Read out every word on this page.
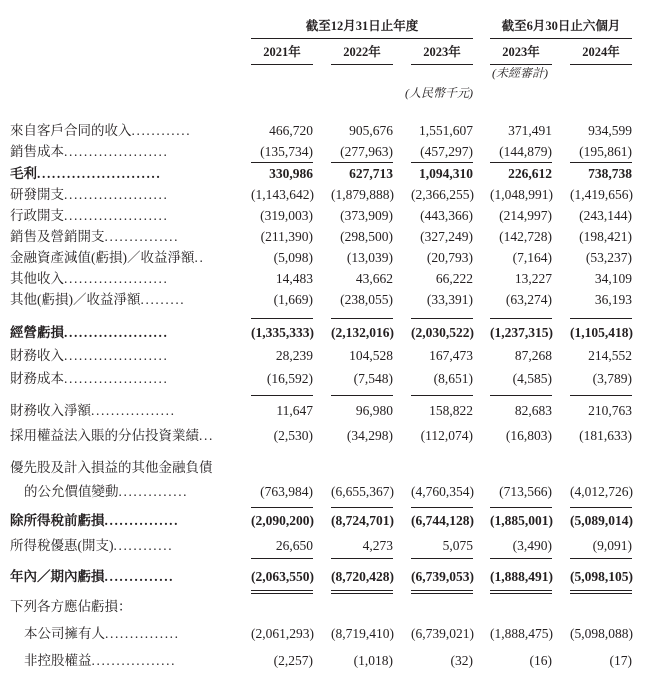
截至12月31日止年度	截至6月30日止六個月
2021年	2022年	2023年	2023年	2024年
(未經審計)
(人民幣千元)
來自客戶合同的收入............	466,720	905,676	1,551,607	371,491	934,599
銷售成本.....................	(135,734)	(277,963)	(457,297)	(144,879)	(195,861)
毛利.........................	330,986	627,713	1,094,310	226,612	738,738
研發開支.....................	(1,143,642) (1,879,888) (2,366,255) (1,048,991) (1,419,656)
行政開支.....................	(319,003)	(373,909)	(443,366)	(214,997)	(243,144)
銷售及營銷開支...............	(211,390)	(298,500)	(327,249)	(142,728)	(198,421)
金融資產減值(虧損)／收益淨額..	(5,098)	(13,039)	(20,793)	(7,164)	(53,237)
其他收入.....................	14,483	43,662	66,222	13,227	34,109
其他(虧損)／收益淨額.........	(1,669)	(238,055)	(33,391)	(63,274)	36,193
經營虧損.....................	(1,335,333) (2,132,016) (2,030,522) (1,237,315) (1,105,418)
財務收入.....................	28,239	104,528	167,473	87,268	214,552
財務成本.....................	(16,592)	(7,548)	(8,651)	(4,585)	(3,789)
財務收入淨額.................	11,647	96,980	158,822	82,683	210,763
採用權益法入賬的分佔投資業績...	(2,530)	(34,298)	(112,074)	(16,803)	(181,633)
優先股及計入損益的其他金融負債
的公允價值變動..............	(763,984) (6,655,367) (4,760,354)	(713,566) (4,012,726)
除所得稅前虧損...............	(2,090,200) (8,724,701) (6,744,128) (1,885,001) (5,089,014)
所得稅優惠(開支)............	26,650	4,273	5,075	(3,490)	(9,091)
年內／期內虧損..............	(2,063,550) (8,720,428) (6,739,053) (1,888,491) (5,098,105)
下列各方應佔虧損：
本公司擁有人...............	(2,061,293) (8,719,410) (6,739,021) (1,888,475) (5,098,088)
非控股權益.................	(2,257)	(1,018)	(32)	(16)	(17)
